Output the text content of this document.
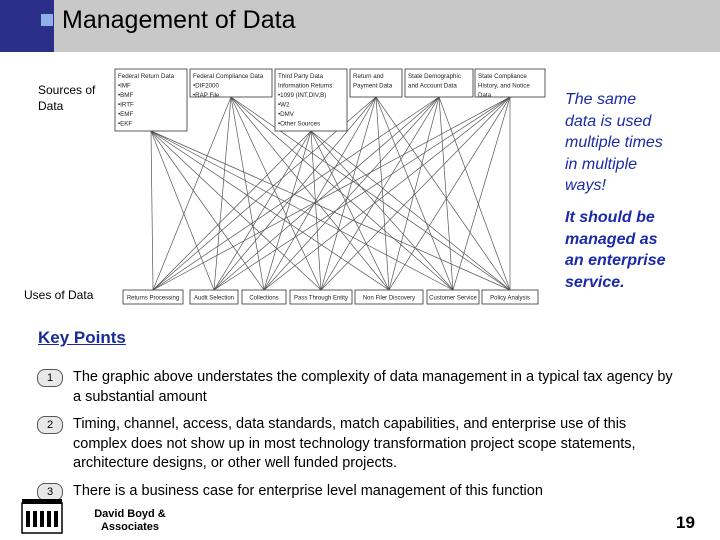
Management of Data
Sources of
Data
Federal Return Data
•IMF
•BMF
•IRTF
•EMF
•EKF
Federal Compliance Data
•DIF2000
•RAP File
Third Party Data
Information Returns
•1099 (INT,DIV,B)
•W2
•DMV
•Other Sources
Return and
Payment Data
State Demographic
and Account Data
State Compliance
History, and Notice
Data
Returns Processing Audit Selection	Collections	Pass Through Entity Non Filer Discovery Customer Service Policy Analysis
Uses of Data
The same
data is used
multiple times
in multiple
ways!
It should be
managed as
an enterprise
service.
Key Points
1	The graphic above understates the complexity of data management in a typical tax agency by a substantial amount
2	Timing, channel, access, data standards, match capabilities, and enterprise use of this complex does not show up in most technology transformation project scope statements, architecture designs, or other well funded projects.
3	There is a business case for enterprise level management of this function
David Boyd &
Associates	19
